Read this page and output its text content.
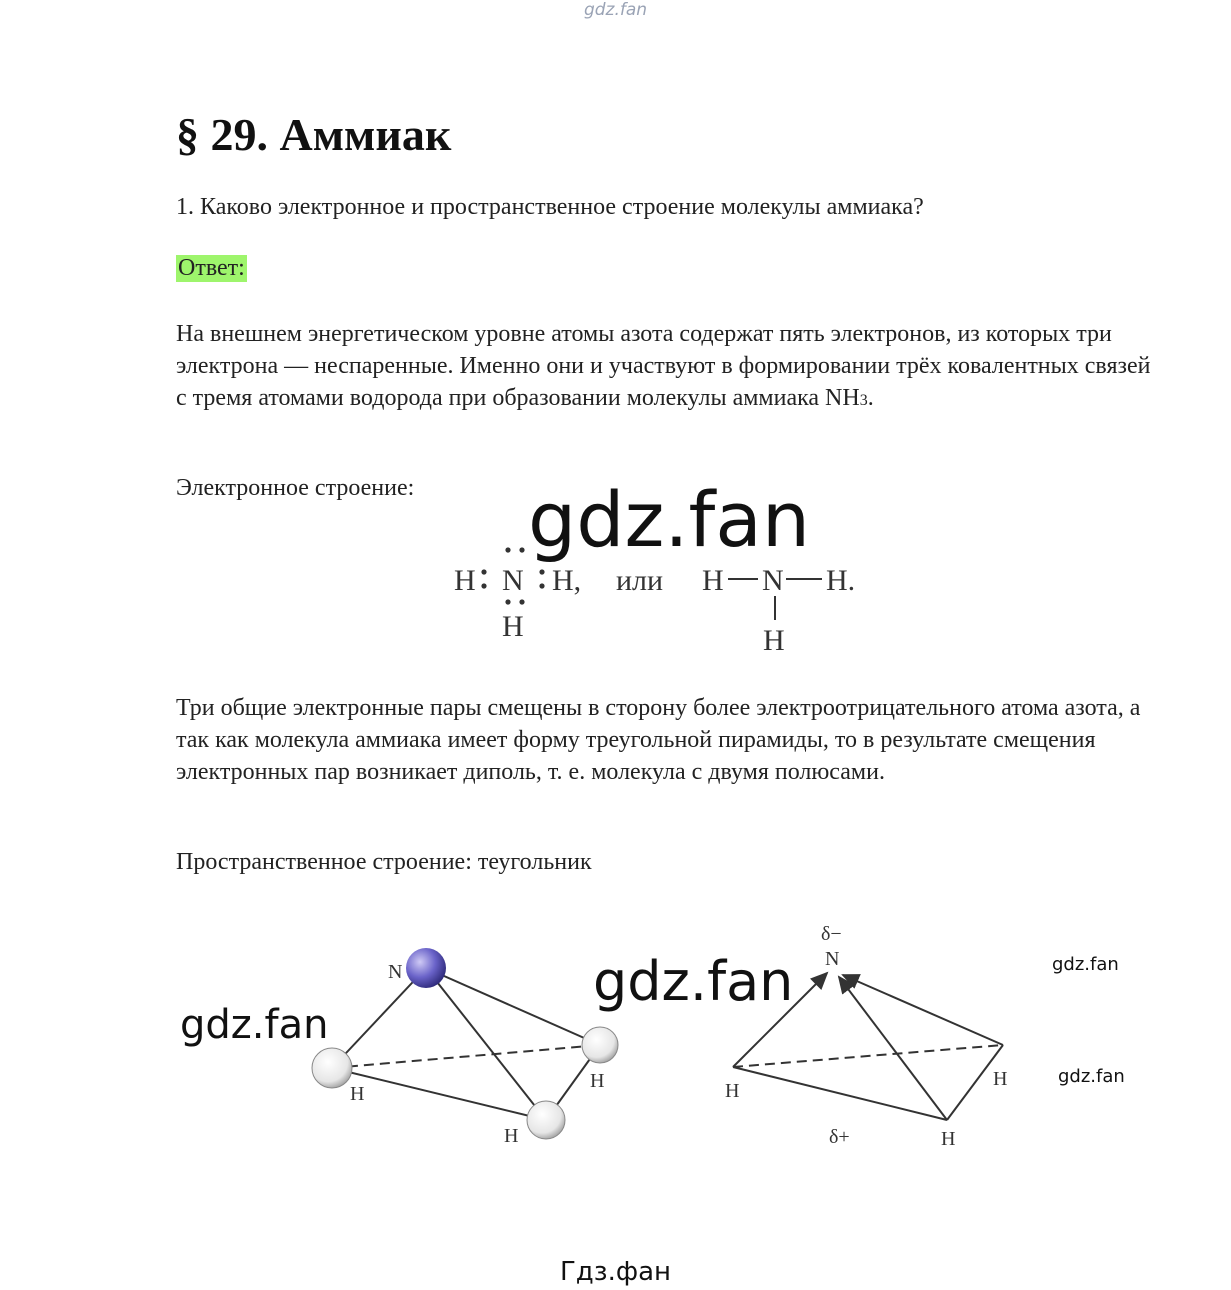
gdz.fan
§ 29. Аммиак
1. Каково электронное и пространственное строение молекулы аммиака?
Ответ:
На внешнем энергетическом уровне атомы азота содержат пять электронов, из которых три электрона — неспаренные. Именно они и участвуют в формировании трёх ковалентных связей с тремя атомами водорода при образовании молекулы аммиака NH3.
Электронное строение:
H N H,
H
или H N H.
H
Три общие электронные пары смещены в сторону более электроотрицательного атома азота, а так как молекула аммиака имеет форму треугольной пирамиды, то в результате смещения электронных пар возникает диполь, т. е. молекула с двумя полюсами.
Пространственное строение: теугольник
N
H
H
H
δ−
N
H
H
H
δ+
gdz.fan
gdz.fan
gdz.fan
gdz.fan
gdz.fan
Гдз.фан
